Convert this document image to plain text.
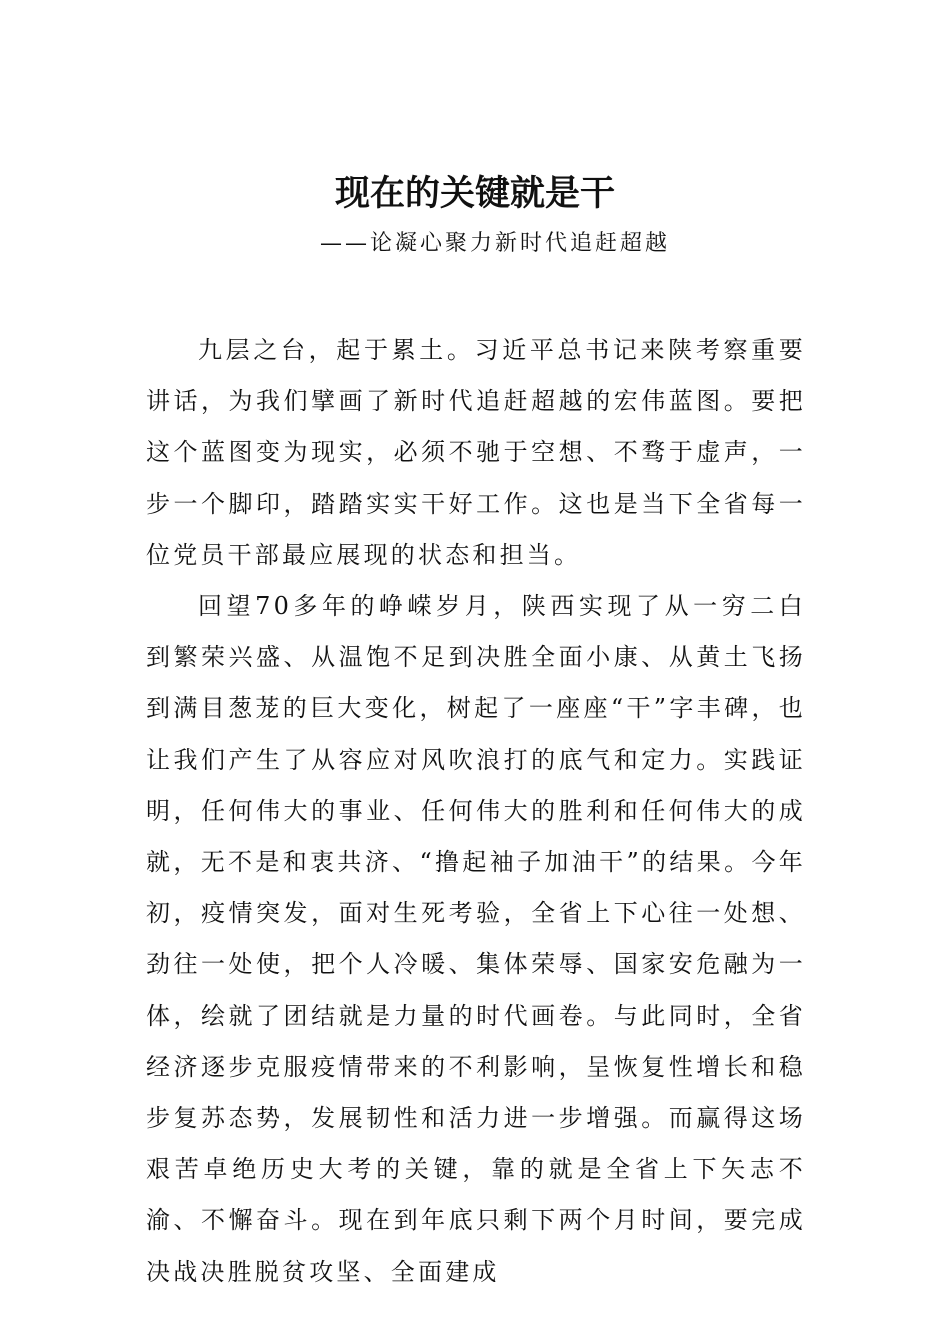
现在的关键就是干
——论凝心聚力新时代追赶超越

九层之台，起于累土。习近平总书记来陕考察重要讲话，为我们擘画了新时代追赶超越的宏伟蓝图。要把这个蓝图变为现实，必须不驰于空想、不骛于虚声，一步一个脚印，踏踏实实干好工作。这也是当下全省每一位党员干部最应展现的状态和担当。

回望70多年的峥嵘岁月，陕西实现了从一穷二白到繁荣兴盛、从温饱不足到决胜全面小康、从黄土飞扬到满目葱茏的巨大变化，树起了一座座“干”字丰碑，也让我们产生了从容应对风吹浪打的底气和定力。实践证明，任何伟大的事业、任何伟大的胜利和任何伟大的成就，无不是和衷共济、“撸起袖子加油干”的结果。今年初，疫情突发，面对生死考验，全省上下心往一处想、劲往一处使，把个人冷暖、集体荣辱、国家安危融为一体，绘就了团结就是力量的时代画卷。与此同时，全省经济逐步克服疫情带来的不利影响，呈恢复性增长和稳步复苏态势，发展韧性和活力进一步增强。而赢得这场艰苦卓绝历史大考的关键，靠的就是全省上下矢志不渝、不懈奋斗。现在到年底只剩下两个月时间，要完成决战决胜脱贫攻坚、全面建成
